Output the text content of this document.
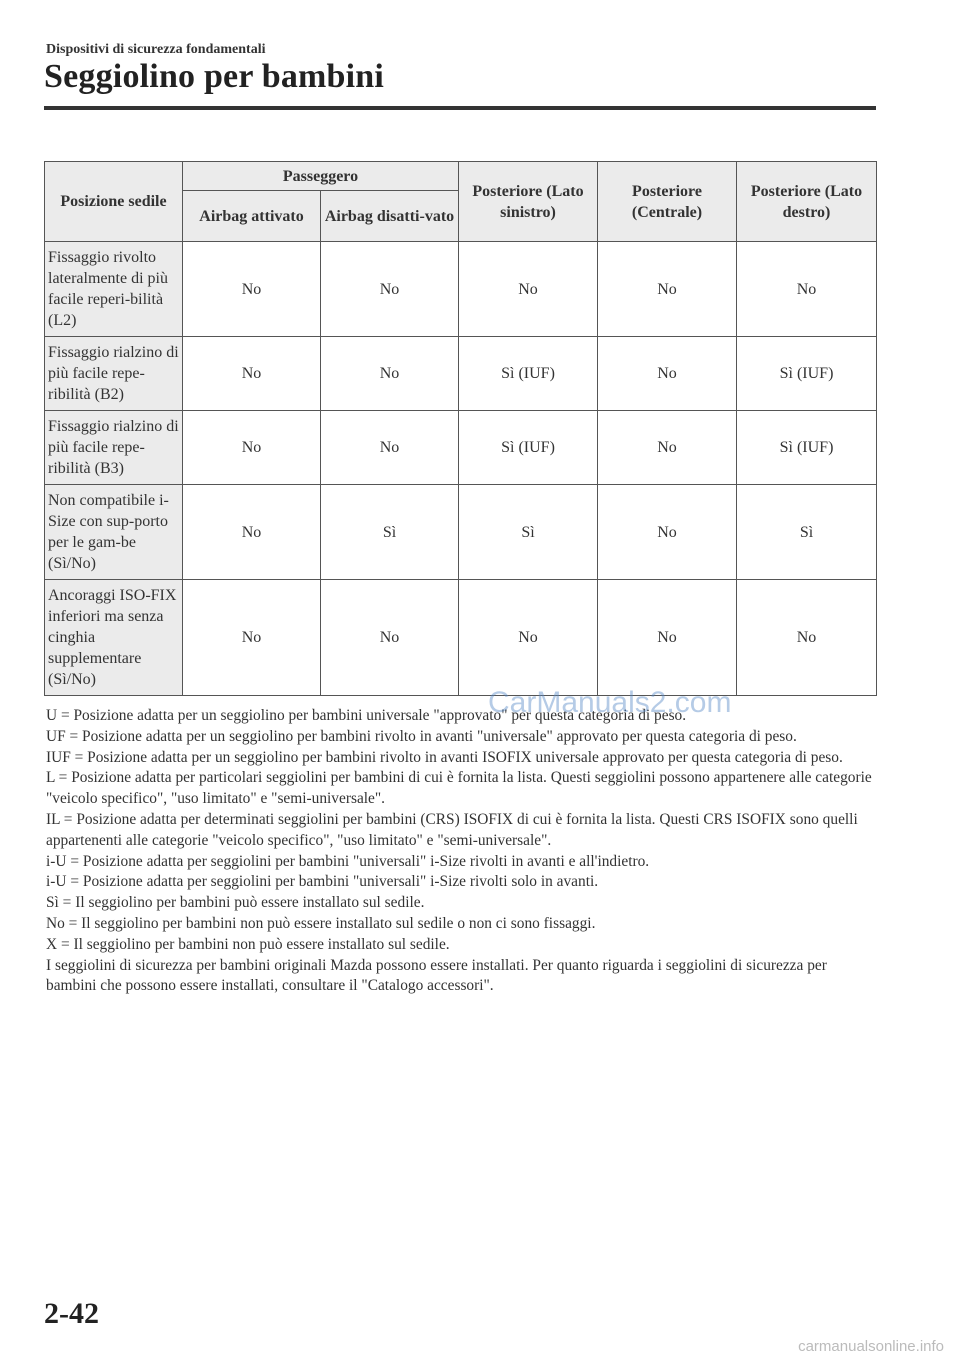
Dispositivi di sicurezza fondamentali
Seggiolino per bambini
Posizione sedile	Passeggero		Posteriore (Lato sinistro)	Posteriore (Centrale)	Posteriore (Lato destro)
	Airbag attivato	Airbag disatti-vato			
Fissaggio rivolto lateralmente di più facile reperi-bilità (L2)	No	No	No	No	No
Fissaggio rialzino di più facile repe-ribilità (B2)	No	No	Sì (IUF)	No	Sì (IUF)
Fissaggio rialzino di più facile repe-ribilità (B3)	No	No	Sì (IUF)	No	Sì (IUF)
Non compatibile i-Size con sup-porto per le gam-be (Sì/No)	No	Sì	Sì	No	Sì
Ancoraggi ISO-FIX inferiori ma senza cinghia supplementare (Sì/No)	No	No	No	No	No

U = Posizione adatta per un seggiolino per bambini universale "approvato" per questa categoria di peso.

UF = Posizione adatta per un seggiolino per bambini rivolto in avanti "universale" approvato per questa categoria di peso.

IUF = Posizione adatta per un seggiolino per bambini rivolto in avanti ISOFIX universale approvato per questa categoria di peso.

L = Posizione adatta per particolari seggiolini per bambini di cui è fornita la lista. Questi seggiolini possono appartenere alle categorie "veicolo specifico", "uso limitato" e "semi-universale".

IL = Posizione adatta per determinati seggiolini per bambini (CRS) ISOFIX di cui è fornita la lista. Questi CRS ISOFIX sono quelli appartenenti alle categorie "veicolo specifico", "uso limitato" e "semi-universale".

i-U = Posizione adatta per seggiolini per bambini "universali" i-Size rivolti in avanti e all'indietro.

i-U = Posizione adatta per seggiolini per bambini "universali" i-Size rivolti solo in avanti.

Sì = Il seggiolino per bambini può essere installato sul sedile.

No = Il seggiolino per bambini non può essere installato sul sedile o non ci sono fissaggi.

X = Il seggiolino per bambini non può essere installato sul sedile.

I seggiolini di sicurezza per bambini originali Mazda possono essere installati. Per quanto riguarda i seggiolini di sicurezza per bambini che possono essere installati, consultare il "Catalogo accessori".

CarManuals2.com
2-42
carmanualsonline.info
